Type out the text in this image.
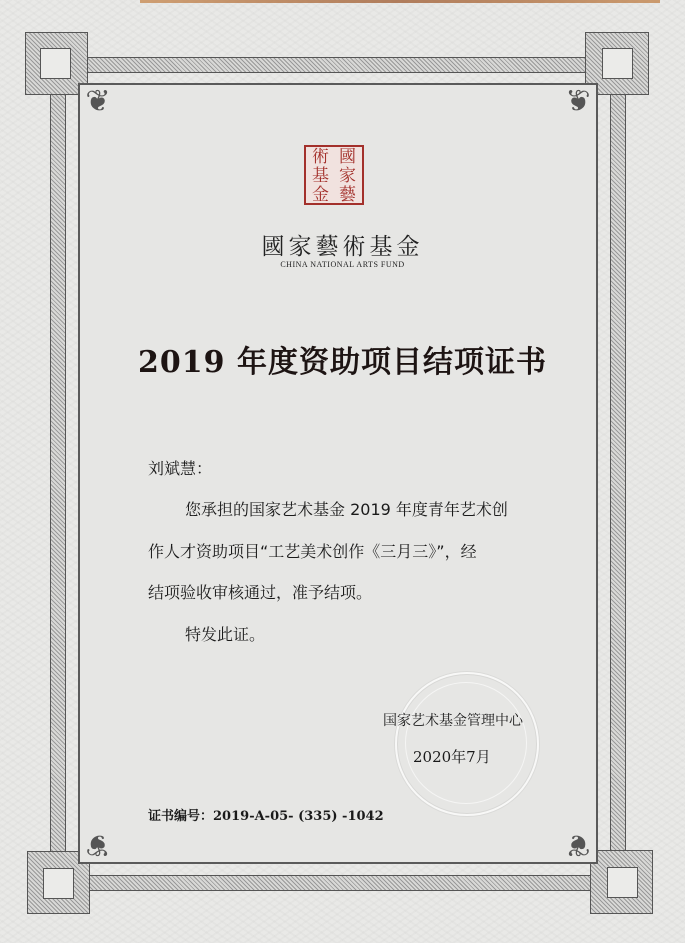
❦	❦
❦	❦
術 國
基 家
金 藝
國家藝術基金
CHINA NATIONAL ARTS FUND
2019 年度资助项目结项证书
刘斌慧：
您承担的国家艺术基金 2019 年度青年艺术创
作人才资助项目“工艺美术创作《三月三》”，经
结项验收审核通过，准予结项。
特发此证。
国家艺术基金管理中心
2020年7月
证书编号：2019-A-05- (335) -1042
